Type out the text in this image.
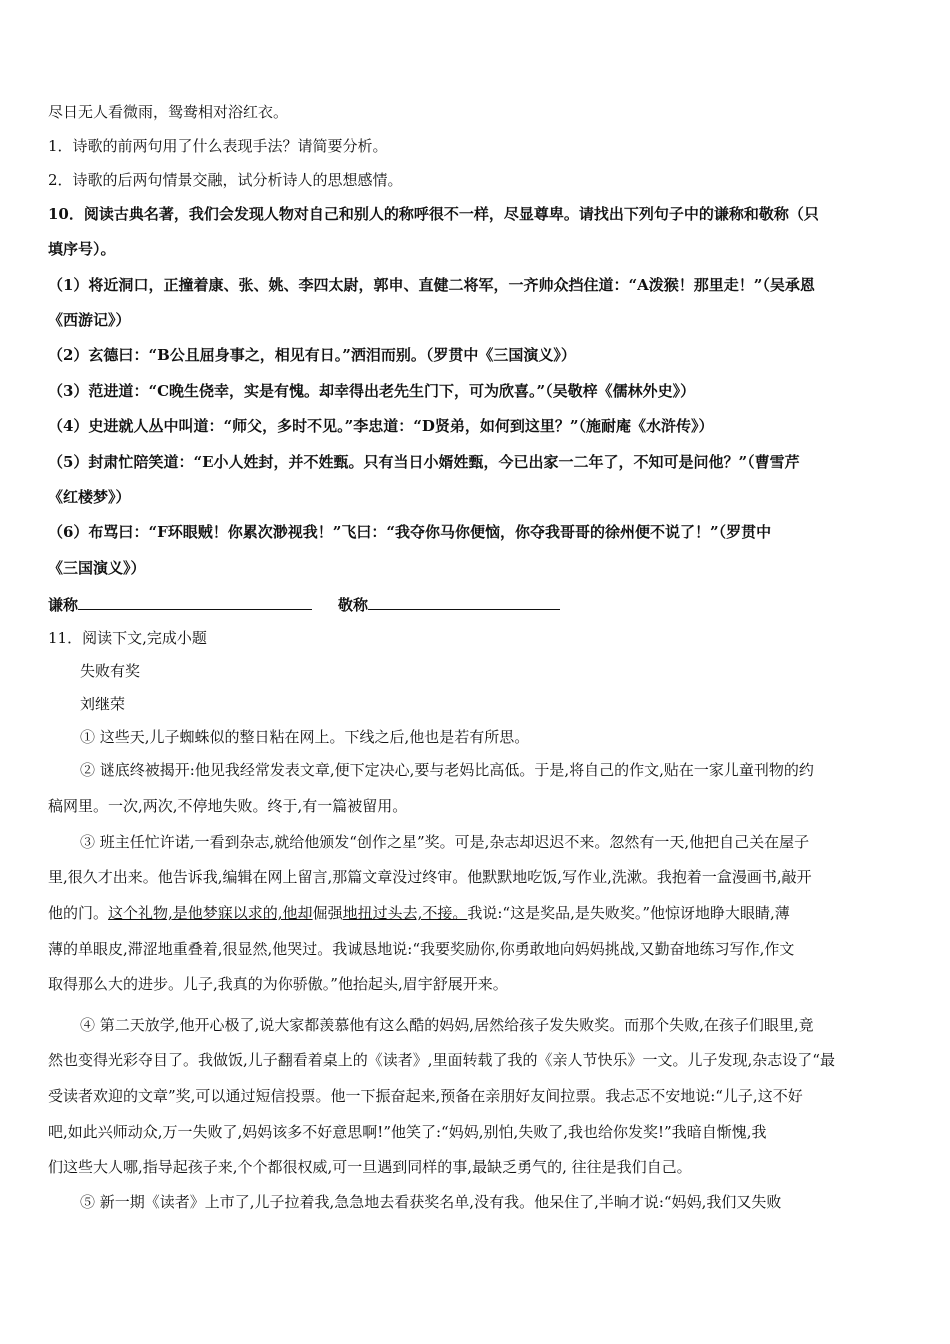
尽日无人看微雨，鸳鸯相对浴红衣。
1．诗歌的前两句用了什么表现手法？请简要分析。
2．诗歌的后两句情景交融，试分析诗人的思想感情。
10．阅读古典名著，我们会发现人物对自己和别人的称呼很不一样，尽显尊卑。请找出下列句子中的谦称和敬称（只
填序号）。
（1）将近洞口，正撞着康、张、姚、李四太尉，郭申、直健二将军，一齐帅众挡住道：“A泼猴！那里走！”（吴承恩
《西游记》）
（2）玄德曰：“B公且屈身事之，相见有日。”洒泪而别。（罗贯中《三国演义》）
（3）范进道：“C晚生侥幸，实是有愧。却幸得出老先生门下，可为欣喜。”（吴敬梓《儒林外史》）
（4）史进就人丛中叫道：“师父，多时不见。”李忠道：“D贤弟，如何到这里？”（施耐庵《水浒传》）
（5）封肃忙陪笑道：“E小人姓封，并不姓甄。只有当日小婿姓甄，今已出家一二年了，不知可是问他？”（曹雪芹
《红楼梦》）
（6）布骂曰：“F环眼贼！你累次渺视我！”飞曰：“我夺你马你便恼，你夺我哥哥的徐州便不说了！”（罗贯中
《三国演义》）
谦称	敬称
11．阅读下文,完成小题
失败有奖
刘继荣
① 这些天,儿子蜘蛛似的整日粘在网上。下线之后,他也是若有所思。
② 谜底终被揭开:他见我经常发表文章,便下定决心,要与老妈比高低。于是,将自己的作文,贴在一家儿童刊物的约
稿网里。一次,两次,不停地失败。终于,有一篇被留用。
③ 班主任忙许诺,一看到杂志,就给他颁发“创作之星”奖。可是,杂志却迟迟不来。忽然有一天,他把自己关在屋子
里,很久才出来。他告诉我,编辑在网上留言,那篇文章没过终审。他默默地吃饭,写作业,洗漱。我抱着一盒漫画书,敲开
他的门。这个礼物,是他梦寐以求的,他却倔强地扭过头去,不接。我说:“这是奖品,是失败奖。”他惊讶地睁大眼睛,薄
薄的单眼皮,滞涩地重叠着,很显然,他哭过。我诚恳地说:“我要奖励你,你勇敢地向妈妈挑战,又勤奋地练习写作,作文
取得那么大的进步。儿子,我真的为你骄傲。”他抬起头,眉宇舒展开来。
④ 第二天放学,他开心极了,说大家都羡慕他有这么酷的妈妈,居然给孩子发失败奖。而那个失败,在孩子们眼里,竟
然也变得光彩夺目了。我做饭,儿子翻看着桌上的《读者》,里面转载了我的《亲人节快乐》一文。儿子发现,杂志设了“最
受读者欢迎的文章”奖,可以通过短信投票。他一下振奋起来,预备在亲朋好友间拉票。我忐忑不安地说:“儿子,这不好
吧,如此兴师动众,万一失败了,妈妈该多不好意思啊!”他笑了:“妈妈,别怕,失败了,我也给你发奖!”我暗自惭愧,我
们这些大人哪,指导起孩子来,个个都很权威,可一旦遇到同样的事,最缺乏勇气的, 往往是我们自己。
⑤ 新一期《读者》上市了,儿子拉着我,急急地去看获奖名单,没有我。他呆住了,半晌才说:“妈妈,我们又失败
